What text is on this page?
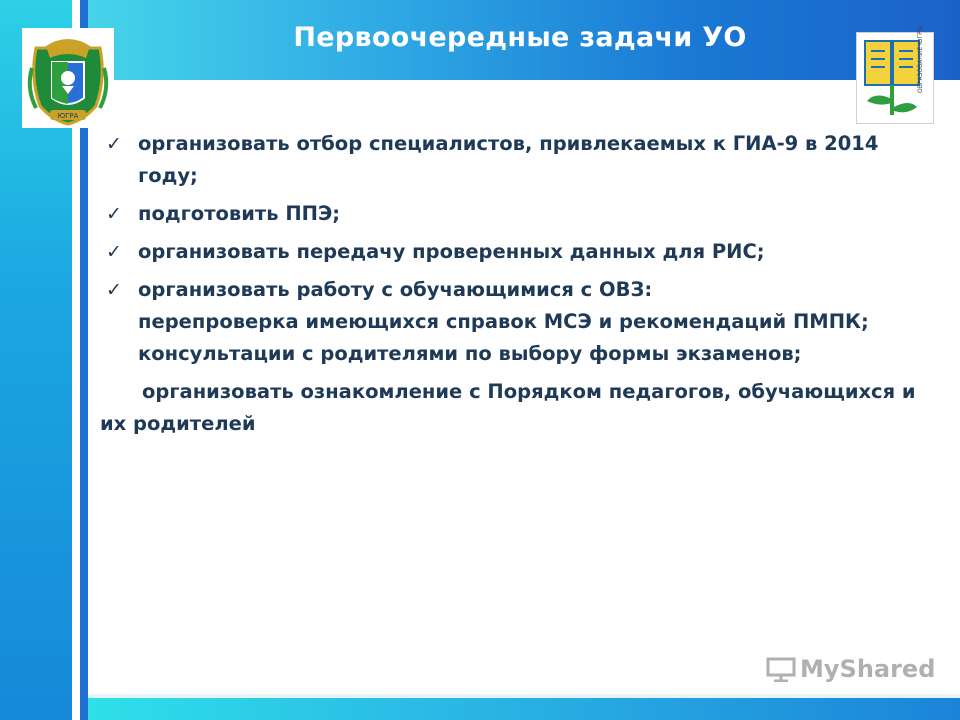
Первоочередные задачи УО
ЮГРА
ОБРАЗОВАНИЕ ЮГРЫ
✓ организовать отбор специалистов, привлекаемых к ГИА-9 в 2014 году;
✓ подготовить ППЭ;
✓ организовать передачу проверенных данных для РИС;
✓ организовать работу с обучающимися с ОВЗ:
перепроверка имеющихся справок МСЭ и рекомендаций ПМПК;
консультации с родителями по выбору формы экзаменов;
организовать ознакомление с Порядком педагогов, обучающихся и их родителей
MyShared
